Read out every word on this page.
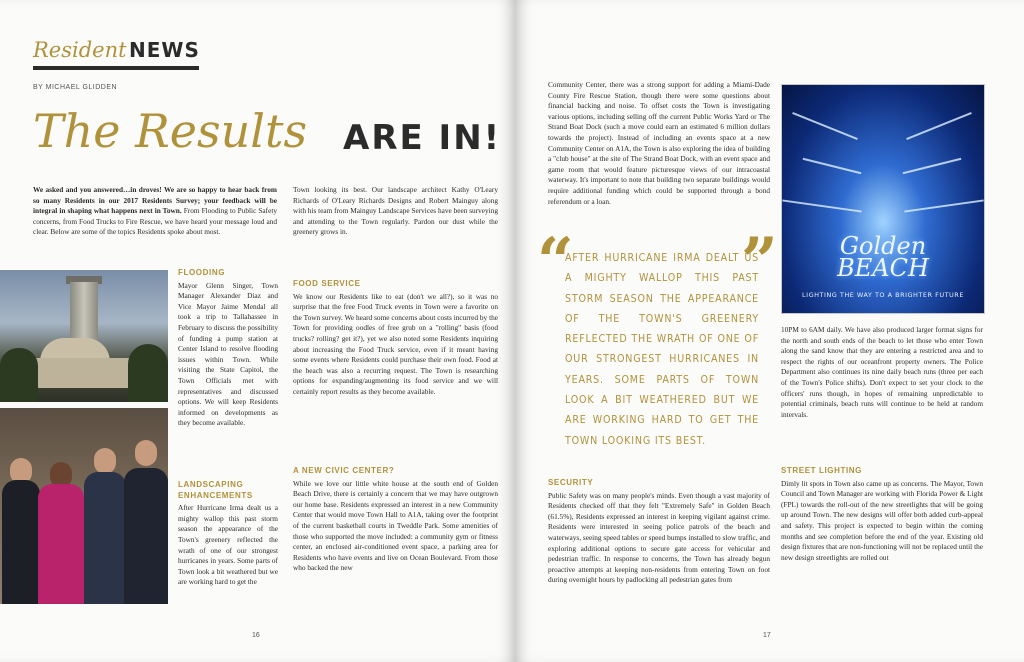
Resident NEWS
BY MICHAEL GLIDDEN
The Results ARE IN!

We asked and you answered…in droves! We are so happy to hear back from so many Residents in our 2017 Residents Survey; your feedback will be integral in shaping what happens next in Town. From Flooding to Public Safety concerns, from Food Trucks to Fire Rescue, we have heard your message loud and clear. Below are some of the topics Residents spoke about most.

FLOODING

Mayor Glenn Singer, Town Manager Alexander Diaz and Vice Mayor Jaime Mendal all took a trip to Tallahassee in February to discuss the possibility of funding a pump station at Center Island to resolve flooding issues within Town. While visiting the State Capitol, the Town Officials met with representatives and discussed options. We will keep Residents informed on developments as they become available.

LANDSCAPING ENHANCEMENTS

After Hurricane Irma dealt us a mighty wallop this past storm season the appearance of the Town's greenery reflected the wrath of one of our strongest hurricanes in years. Some parts of Town look a bit weathered but we are working hard to get the

Town looking its best. Our landscape architect Kathy O'Leary Richards of O'Leary Richards Designs and Robert Mainguy along with his team from Mainguy Landscape Services have been surveying and attending to the Town regularly. Pardon our dust while the greenery grows in.

FOOD SERVICE

We know our Residents like to eat (don't we all?), so it was no surprise that the free Food Truck events in Town were a favorite on the Town survey. We heard some concerns about costs incurred by the Town for providing oodles of free grub on a "rolling" basis (food trucks? rolling? get it?), yet we also noted some Residents inquiring about increasing the Food Truck service, even if it meant having some events where Residents could purchase their own food. Food at the beach was also a recurring request. The Town is researching options for expanding/augmenting its food service and we will certainly report results as they become available.

A NEW CIVIC CENTER?

While we love our little white house at the south end of Golden Beach Drive, there is certainly a concern that we may have outgrown our home base. Residents expressed an interest in a new Community Center that would move Town Hall to A1A, taking over the footprint of the current basketball courts in Tweddle Park. Some amenities of those who supported the move included: a community gym or fitness center, an enclosed air-conditioned event space, a parking area for Residents who have events and live on Ocean Boulevard. From those who backed the new

16

Community Center, there was a strong support for adding a Miami-Dade County Fire Rescue Station, though there were some questions about financial backing and noise. To offset costs the Town is investigating various options, including selling off the current Public Works Yard or The Strand Boat Dock (such a move could earn an estimated 6 million dollars towards the project). Instead of including an events space at a new Community Center on A1A, the Town is also exploring the idea of building a "club house" at the site of The Strand Boat Dock, with an event space and game room that would feature picturesque views of our intracoastal waterway. It's important to note that building two separate buildings would require additional funding which could be supported through a bond referendum or a loan.

“	”
AFTER HURRICANE IRMA DEALT US A MIGHTY WALLOP THIS PAST STORM SEASON THE APPEARANCE OF THE TOWN'S GREENERY REFLECTED THE WRATH OF ONE OF OUR STRONGEST HURRICANES IN YEARS. SOME PARTS OF TOWN LOOK A BIT WEATHERED BUT WE ARE WORKING HARD TO GET THE TOWN LOOKING ITS BEST.
SECURITY

Public Safety was on many people's minds. Even though a vast majority of Residents checked off that they felt "Extremely Safe" in Golden Beach (61.5%), Residents expressed an interest in keeping vigilant against crime. Residents were interested in seeing police patrols of the beach and waterways, seeing speed tables or speed bumps installed to slow traffic, and exploring additional options to secure gate access for vehicular and pedestrian traffic. In response to concerns, the Town has already begun proactive attempts at keeping non-residents from entering Town on foot during overnight hours by padlocking all pedestrian gates from

Golden
BEACH
LIGHTING THE WAY TO A BRIGHTER FUTURE

10PM to 6AM daily. We have also produced larger format signs for the north and south ends of the beach to let those who enter Town along the sand know that they are entering a restricted area and to respect the rights of our oceanfront property owners. The Police Department also continues its nine daily beach runs (three per each of the Town's Police shifts). Don't expect to set your clock to the officers' runs though, in hopes of remaining unpredictable to potential criminals, beach runs will continue to be held at random intervals.

STREET LIGHTING

Dimly lit spots in Town also came up as concerns. The Mayor, Town Council and Town Manager are working with Florida Power & Light (FPL) towards the roll-out of the new streetlights that will be going up around Town. The new designs will offer both added curb-appeal and safety. This project is expected to begin within the coming months and see completion before the end of the year. Existing old design fixtures that are non-functioning will not be replaced until the new design streetlights are rolled out

17
